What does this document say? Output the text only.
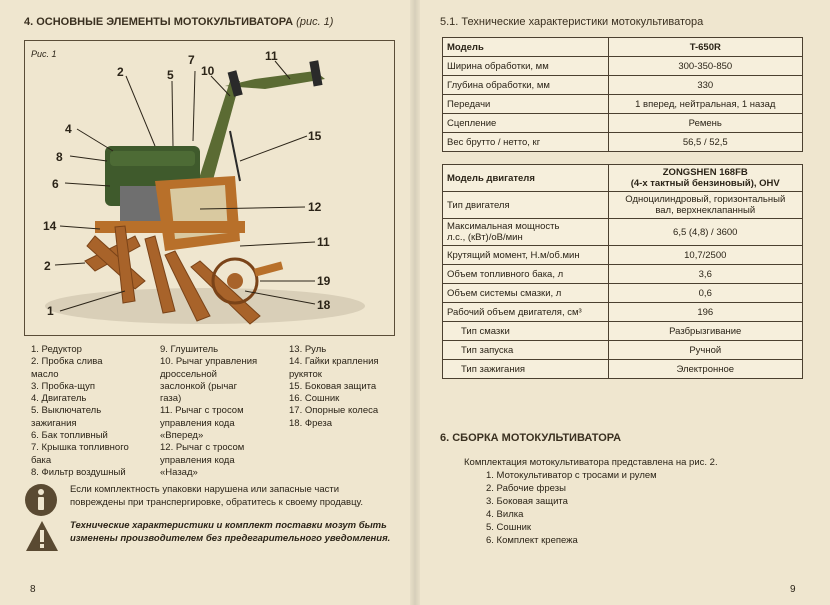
4. ОСНОВНЫЕ ЭЛЕМЕНТЫ МОТОКУЛЬТИВАТОРА (рис. 1)
Рис. 1
2	5
7
10
11
4
8
6
15
12
14
11
2
19
1	18
1. Редуктор
2. Пробка слива
масло
3. Пробка-щуп
4. Двигатель
5. Выключатель
зажигания
6. Бак топливный
7. Крышка топливного
бака
8. Фильтр воздушный
9. Глушитель
10. Рычаг управления
дроссельной
заслонкой (рычаг
газа)
11. Рычаг с тросом
управления кода
«Вперед»
12. Рычаг с тросом
управления кода
«Назад»
13. Руль
14. Гайки крапления
рукяток
15. Боковая защита
16. Сошник
17. Опорные колеса
18. Фреза
Если комплектность упаковки нарушена или запасные части повреждены при транспергировке, обратитесь к своему продавцу.
Технические характеристики и комплект поставки мозут быть изменены производителем без предегарительного уведомления.
8
5.1. Технические характеристики мотокультиватора
Модель	T-650R
Ширина обработки, мм	300-350-850
Глубина обработки, мм	330
Передачи	1 вперед, нейтральная, 1 назад
Сцепление	Ремень
Вес брутто / нетто, кг	56,5 / 52,5
Модель двигателя	ZONGSHEN 168FB
(4-х тактный бензиновый), OHV
Тип двигателя	Одноцилиндровый, горизонтальный
вал, верхнеклапанный
Максимальная мощность
л.с., (кВт)/оВ/мин	6,5 (4,8) / 3600
Крутящий момент, Н.м/об.мин	10,7/2500
Объем топливного бака, л	3,6
Объем системы смазки, л	0,6
Рабочий объем двигателя, см³	196
Тип смазки	Разбрызгивание
Тип запуска	Ручной
Тип зажигания	Электронное
6. СБОРКА МОТОКУЛЬТИВАТОРА
Комплектация мотокультиватора представлена на рис. 2.
1. Мотокультиватор с тросами и рулем
2. Рабочие фрезы
3. Боковая защита
4. Вилка
5. Сошник
6. Комплект крепежа
9
